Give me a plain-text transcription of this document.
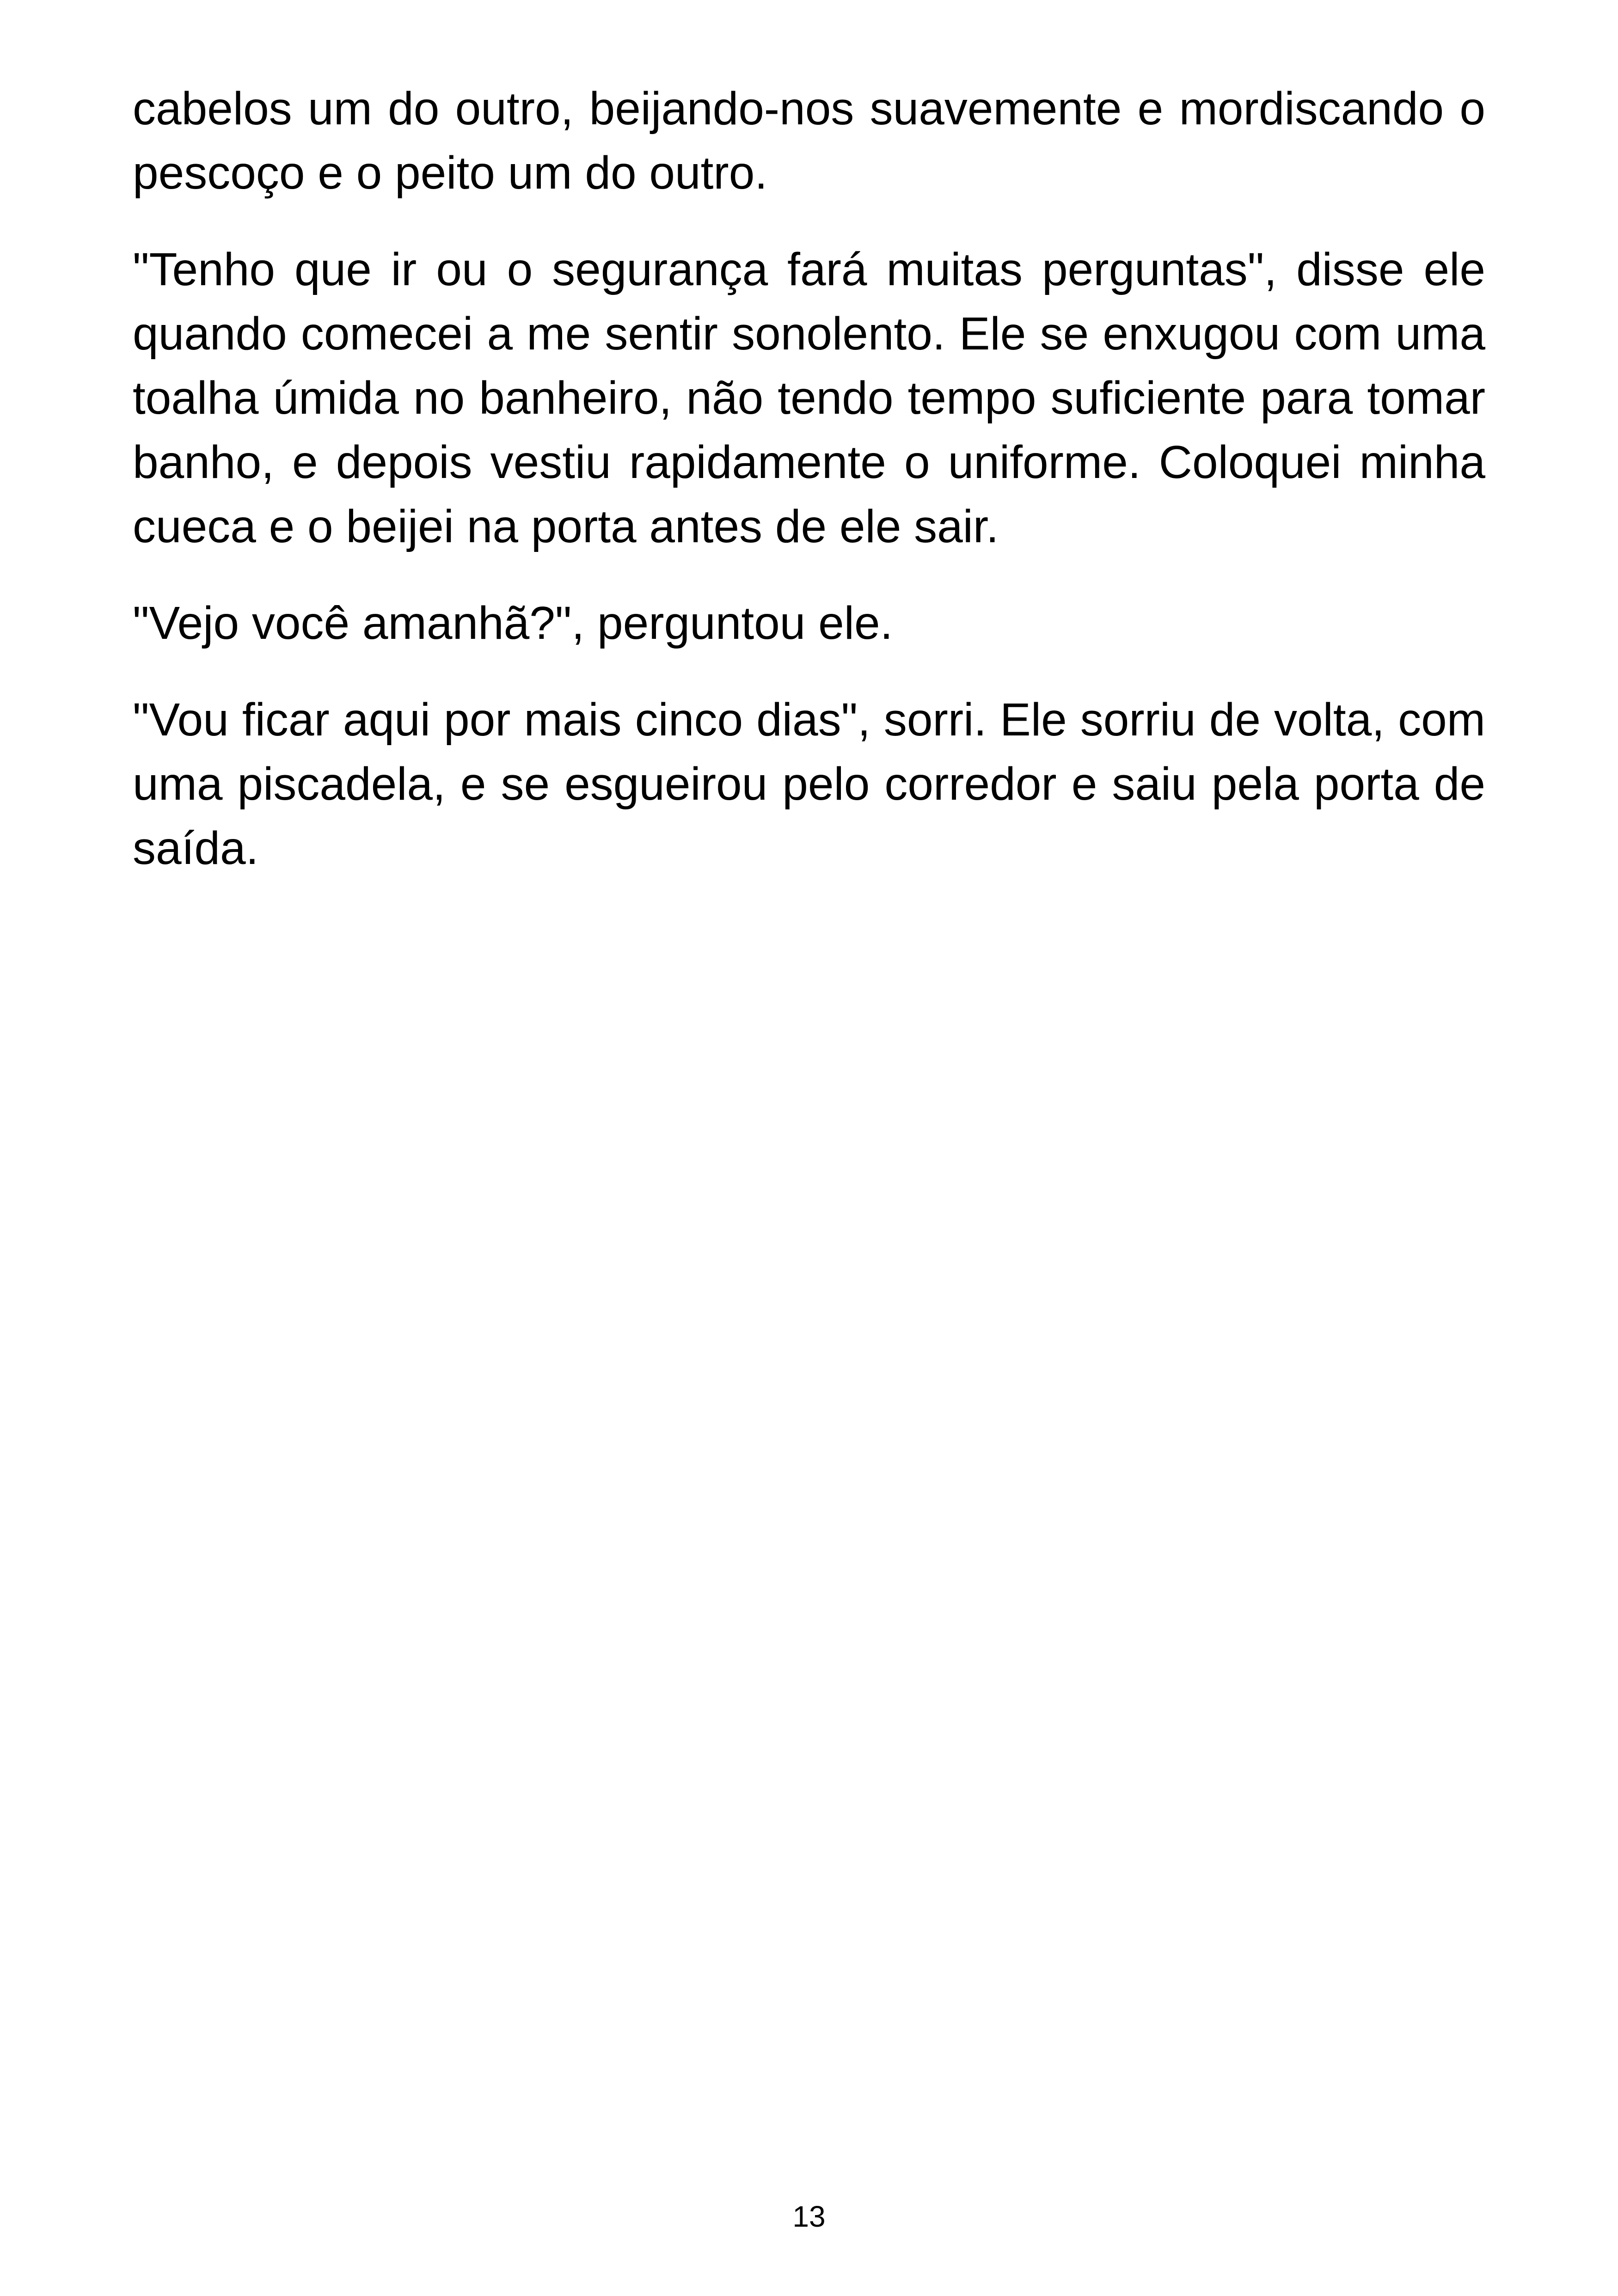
cabelos um do outro, beijando-nos suavemente e mordiscando o pescoço e o peito um do outro.

"Tenho que ir ou o segurança fará muitas perguntas", disse ele quando comecei a me sentir sonolento. Ele se enxugou com uma toalha úmida no banheiro, não tendo tempo suficiente para tomar banho, e depois vestiu rapidamente o uniforme. Coloquei minha cueca e o beijei na porta antes de ele sair.

"Vejo você amanhã?", perguntou ele.

"Vou ficar aqui por mais cinco dias", sorri. Ele sorriu de volta, com uma piscadela, e se esgueirou pelo corredor e saiu pela porta de saída.

13
